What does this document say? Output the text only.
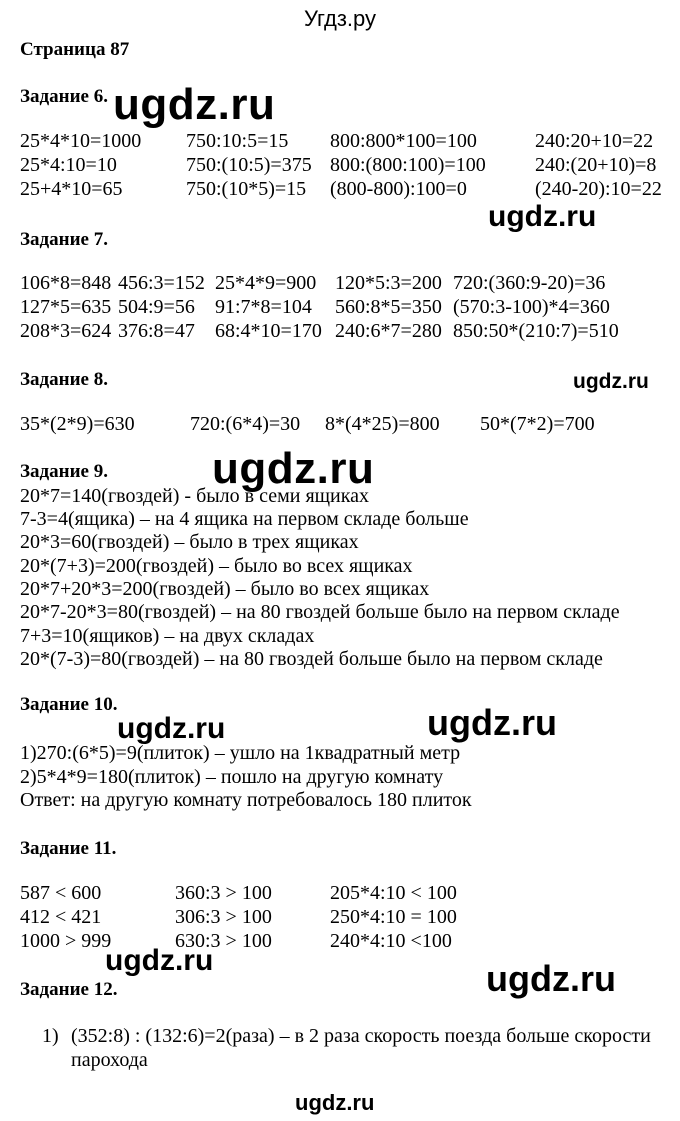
Угдз.ру
Страница 87
Задание 6.
25*4*10=1000 750:10:5=15 800:800*100=100	240:20+10=22
25*4:10=10	750:(10:5)=375 800:(800:100)=100 240:(20+10)=8
25+4*10=65	750:(10*5)=15 (800-800):100=0	(240-20):10=22
Задание 7.
106*8=848 456:3=152 25*4*9=900 120*5:3=200 720:(360:9-20)=36
127*5=635 504:9=56 91:7*8=104 560:8*5=350 (570:3-100)*4=360
208*3=624 376:8=47 68:4*10=170 240:6*7=280 850:50*(210:7)=510
Задание 8.
35*(2*9)=630	720:(6*4)=30 8*(4*25)=800 50*(7*2)=700
Задание 9.
20*7=140(гвоздей) - было в семи ящиках
7-3=4(ящика) – на 4 ящика на первом складе больше
20*3=60(гвоздей) – было в трех ящиках
20*(7+3)=200(гвоздей) – было во всех ящиках
20*7+20*3=200(гвоздей) – было во всех ящиках
20*7-20*3=80(гвоздей) – на 80 гвоздей больше было на первом складе
7+3=10(ящиков) – на двух складах
20*(7-3)=80(гвоздей) – на 80 гвоздей больше было на первом складе
Задание 10.
1)270:(6*5)=9(плиток) – ушло на 1квадратный метр
2)5*4*9=180(плиток) – пошло на другую комнату
Ответ: на другую комнату потребовалось 180 плиток
Задание 11.
587 < 600	360:3 > 100	205*4:10 < 100
412 < 421	306:3 > 100	250*4:10 = 100
1000 > 999	630:3 > 100	240*4:10 <100
Задание 12.
1) (352:8) : (132:6)=2(раза) – в 2 раза скорость поезда больше скорости
парохода
ugdz.ru
ugdz.ru
ugdz.ru
ugdz.ru
ugdz.ru	ugdz.ru
ugdz.ru	ugdz.ru
ugdz.ru
